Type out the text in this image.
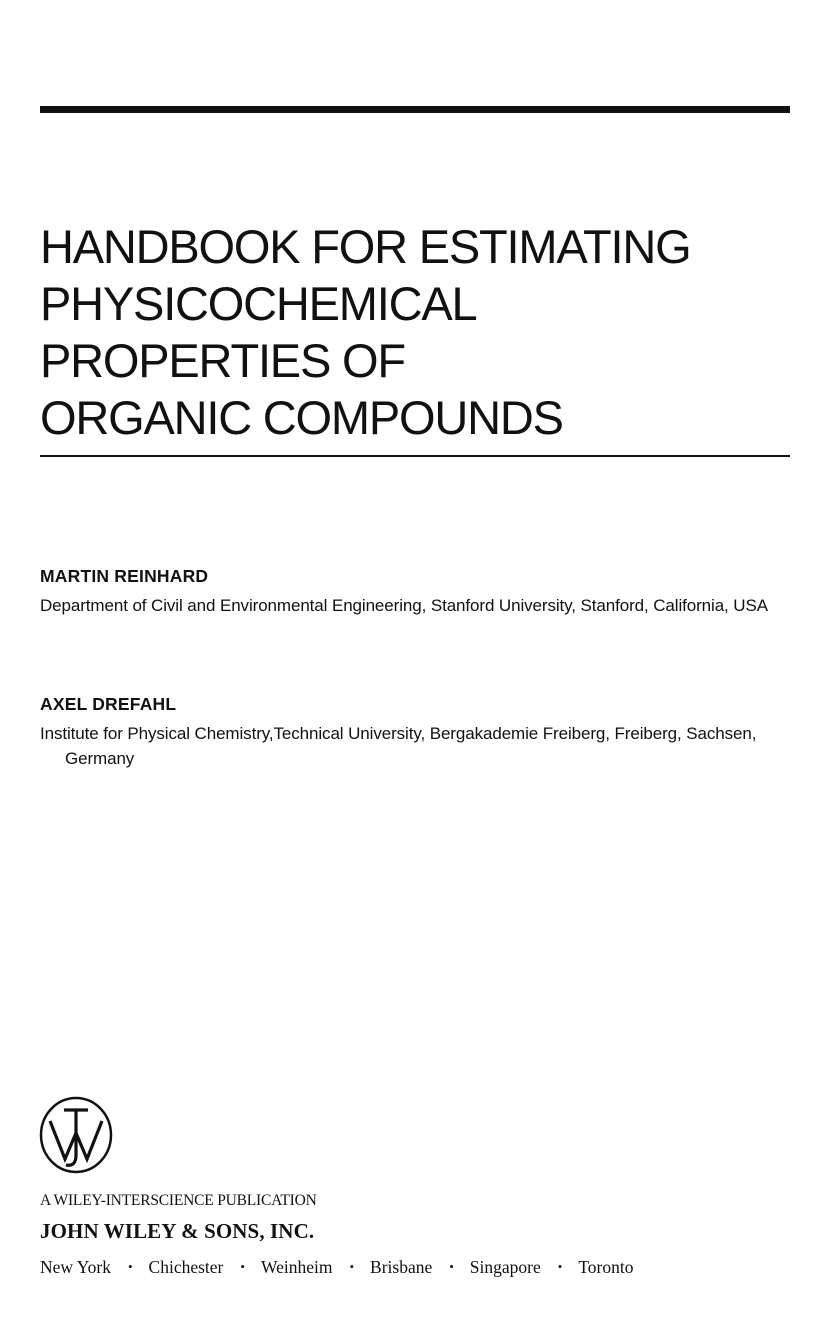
HANDBOOK FOR ESTIMATING
PHYSICOCHEMICAL
PROPERTIES OF
ORGANIC COMPOUNDS
MARTIN REINHARD
Department of Civil and Environmental Engineering, Stanford University, Stanford, California, USA
AXEL DREFAHL
Institute for Physical Chemistry,Technical University, Bergakademie Freiberg, Freiberg, Sachsen, Germany
A WILEY-INTERSCIENCE PUBLICATION
JOHN WILEY & SONS, INC.
New York • Chichester • Weinheim • Brisbane • Singapore • Toronto
